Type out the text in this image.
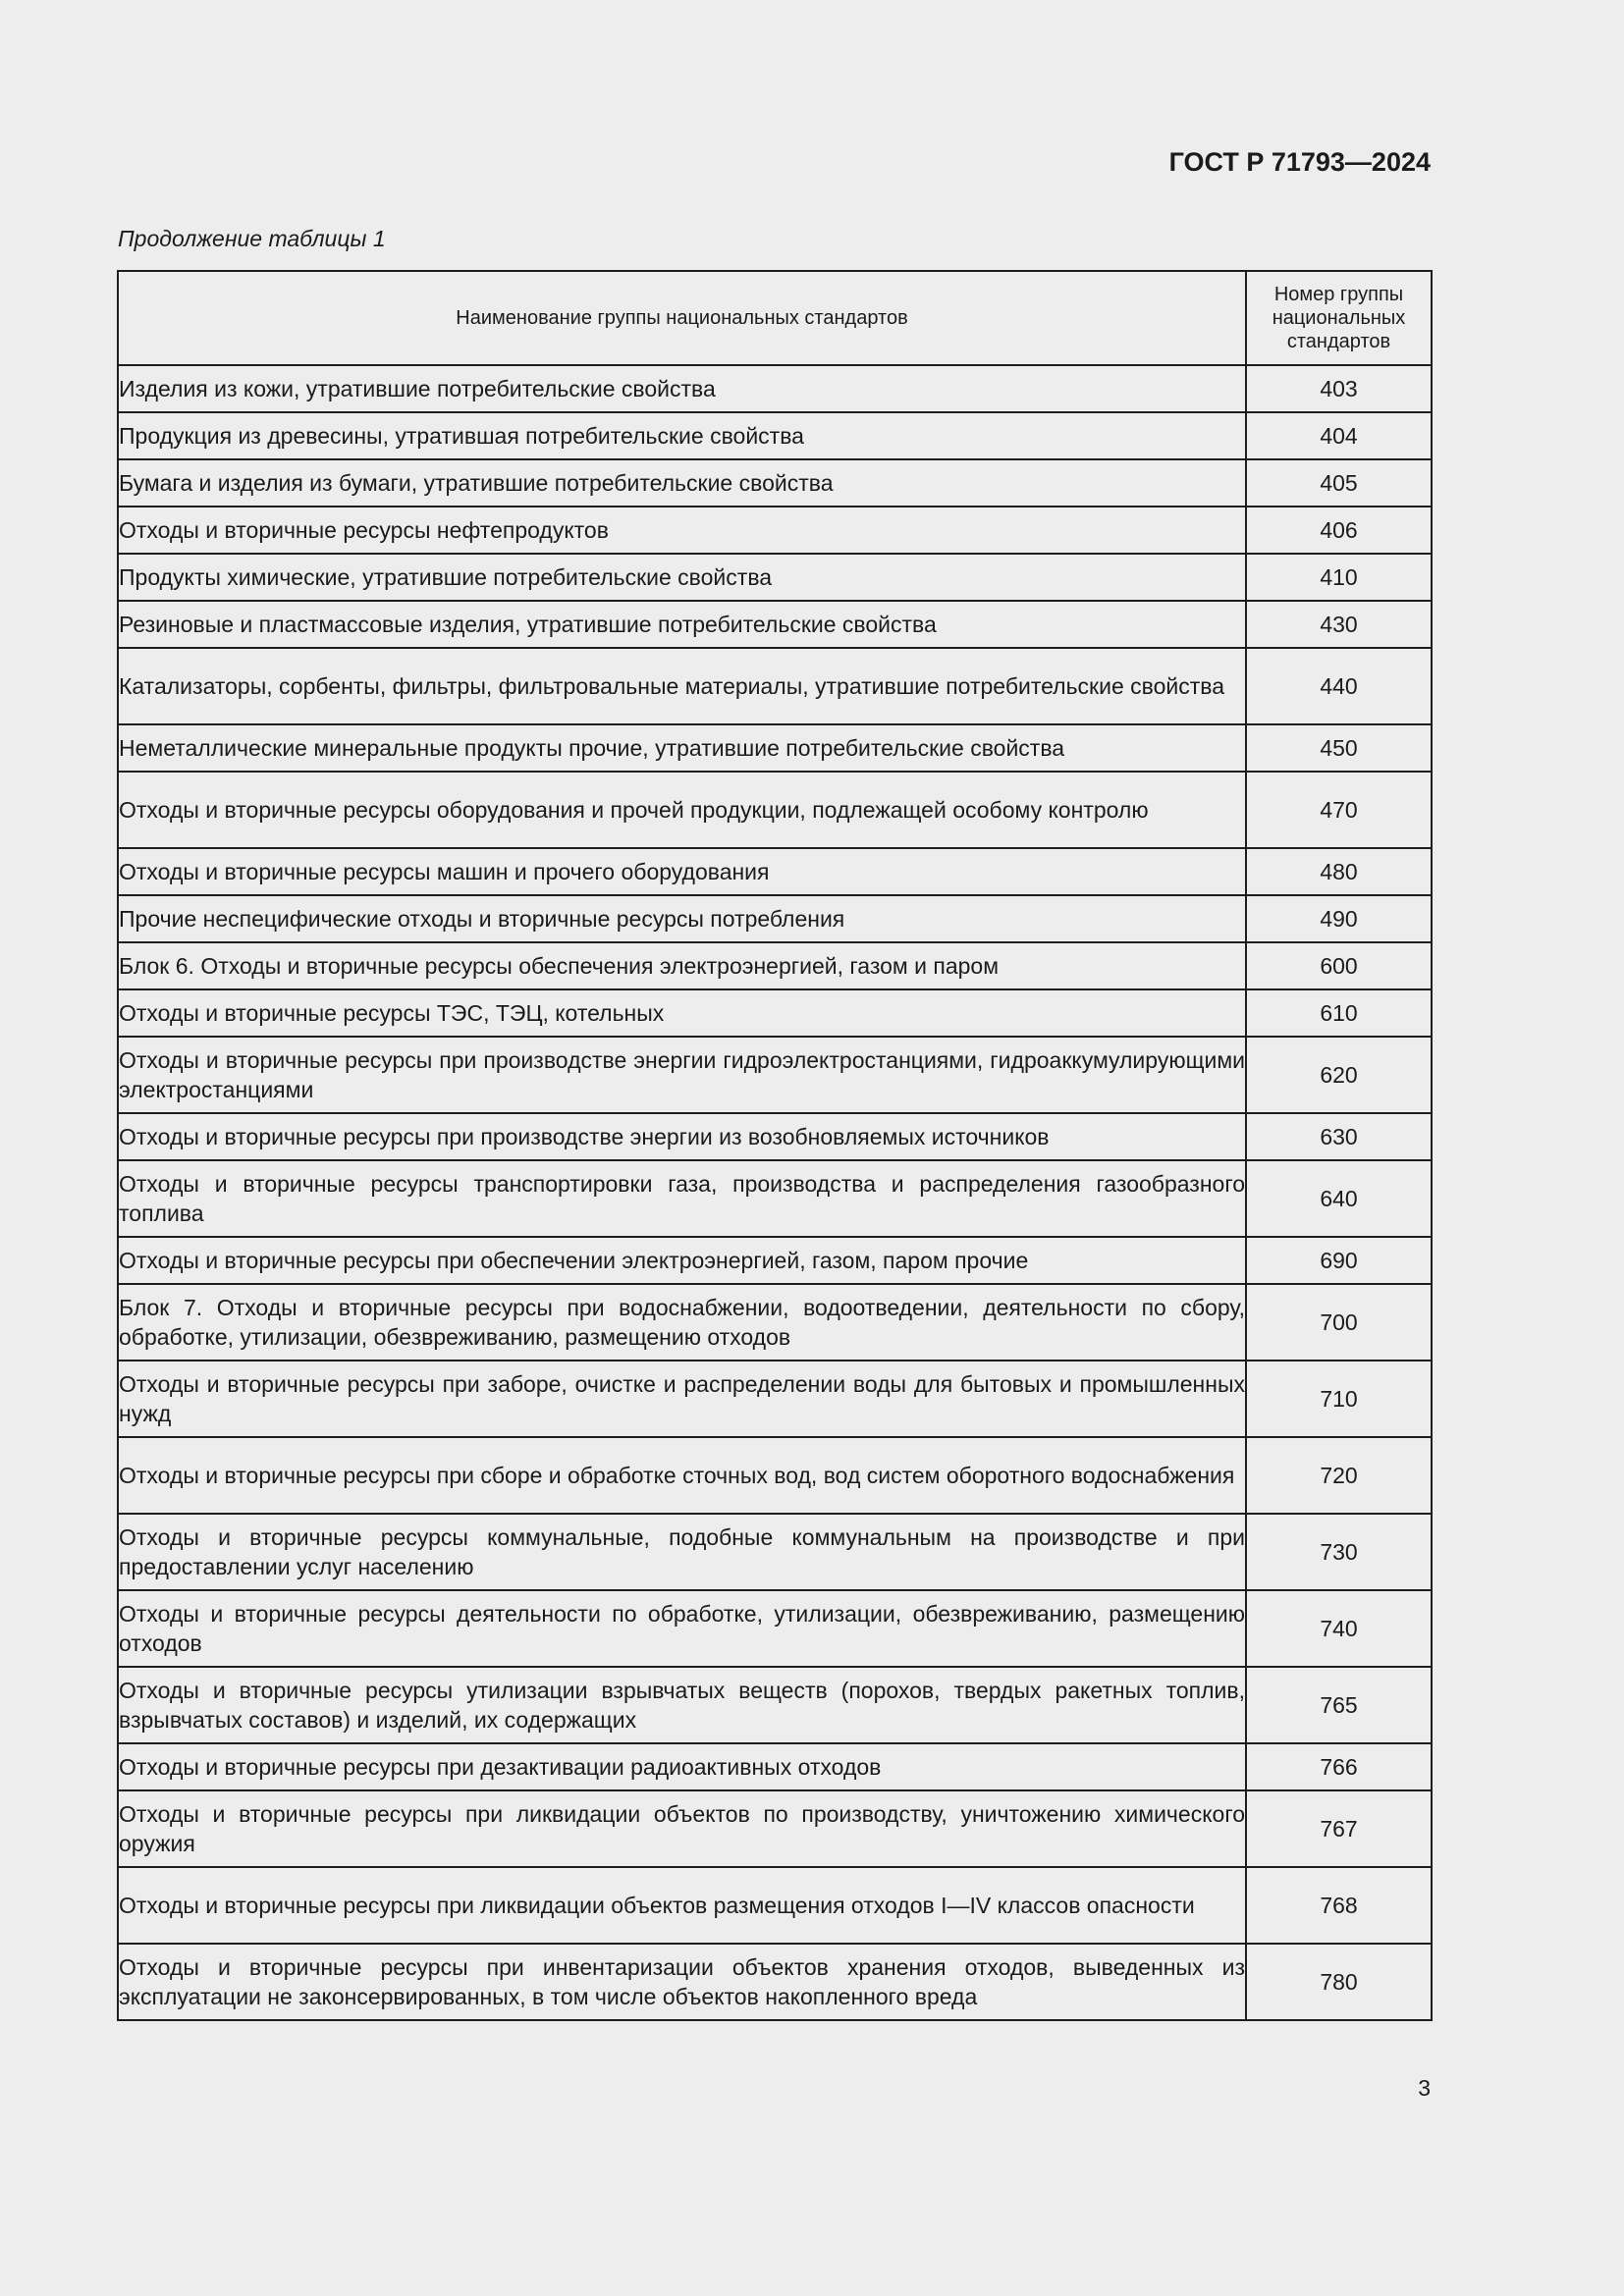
ГОСТ Р 71793—2024
Продолжение таблицы 1
Наименование группы национальных стандартов	Номер группы национальных стандартов
Изделия из кожи, утратившие потребительские свойства	403
Продукция из древесины, утратившая потребительские свойства	404
Бумага и изделия из бумаги, утратившие потребительские свойства	405
Отходы и вторичные ресурсы нефтепродуктов	406
Продукты химические, утратившие потребительские свойства	410
Резиновые и пластмассовые изделия, утратившие потребительские свойства	430
Катализаторы, сорбенты, фильтры, фильтровальные материалы, утратившие потребительские свойства	440
Неметаллические минеральные продукты прочие, утратившие потребительские свойства	450
Отходы и вторичные ресурсы оборудования и прочей продукции, подлежащей особому контролю	470
Отходы и вторичные ресурсы машин и прочего оборудования	480
Прочие неспецифические отходы и вторичные ресурсы потребления	490
Блок 6. Отходы и вторичные ресурсы обеспечения электроэнергией, газом и паром	600
Отходы и вторичные ресурсы ТЭС, ТЭЦ, котельных	610
Отходы и вторичные ресурсы при производстве энергии гидроэлектростанциями, гидроаккумулирующими электростанциями	620
Отходы и вторичные ресурсы при производстве энергии из возобновляемых источников	630
Отходы и вторичные ресурсы транспортировки газа, производства и распределения газообразного топлива	640
Отходы и вторичные ресурсы при обеспечении электроэнергией, газом, паром прочие	690
Блок 7. Отходы и вторичные ресурсы при водоснабжении, водоотведении, деятельности по сбору, обработке, утилизации, обезвреживанию, размещению отходов	700
Отходы и вторичные ресурсы при заборе, очистке и распределении воды для бытовых и промышленных нужд	710
Отходы и вторичные ресурсы при сборе и обработке сточных вод, вод систем оборотного водоснабжения	720
Отходы и вторичные ресурсы коммунальные, подобные коммунальным на производстве и при предоставлении услуг населению	730
Отходы и вторичные ресурсы деятельности по обработке, утилизации, обезвреживанию, размещению отходов	740
Отходы и вторичные ресурсы утилизации взрывчатых веществ (порохов, твердых ракетных топлив, взрывчатых составов) и изделий, их содержащих	765
Отходы и вторичные ресурсы при дезактивации радиоактивных отходов	766
Отходы и вторичные ресурсы при ликвидации объектов по производству, уничтожению химического оружия	767
Отходы и вторичные ресурсы при ликвидации объектов размещения отходов I—IV классов опасности	768
Отходы и вторичные ресурсы при инвентаризации объектов хранения отходов, выведенных из эксплуатации не законсервированных, в том числе объектов накопленного вреда	780
3
